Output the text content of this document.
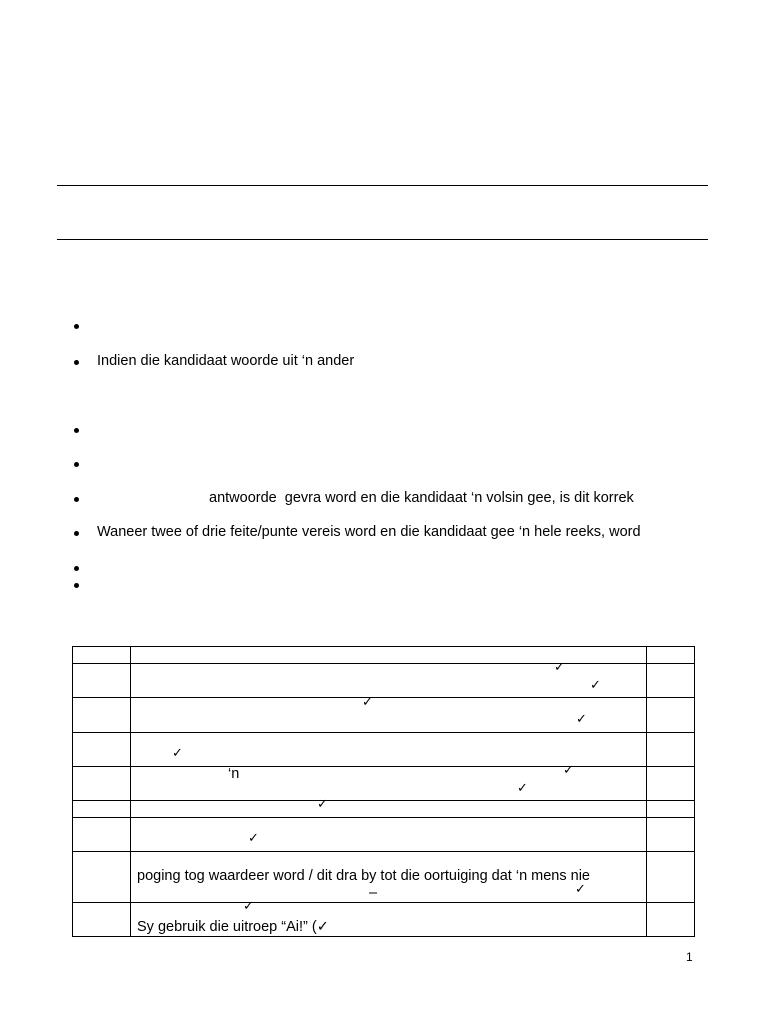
Indien die kandidaat woorde uit ‘n ander
antwoorde  gevra word en die kandidaat ‘n volsin gee, is dit korrek
Waneer twee of drie feite/punte vereis word en die kandidaat gee ‘n hele reeks, word
✓
✓
✓
✓
✓
‘n	✓
✓
✓
✓
poging tog waardeer word / dit dra by tot die oortuiging dat ‘n mens nie
–	✓
✓
Sy gebruik die uitroep “Ai!” (✓
1
